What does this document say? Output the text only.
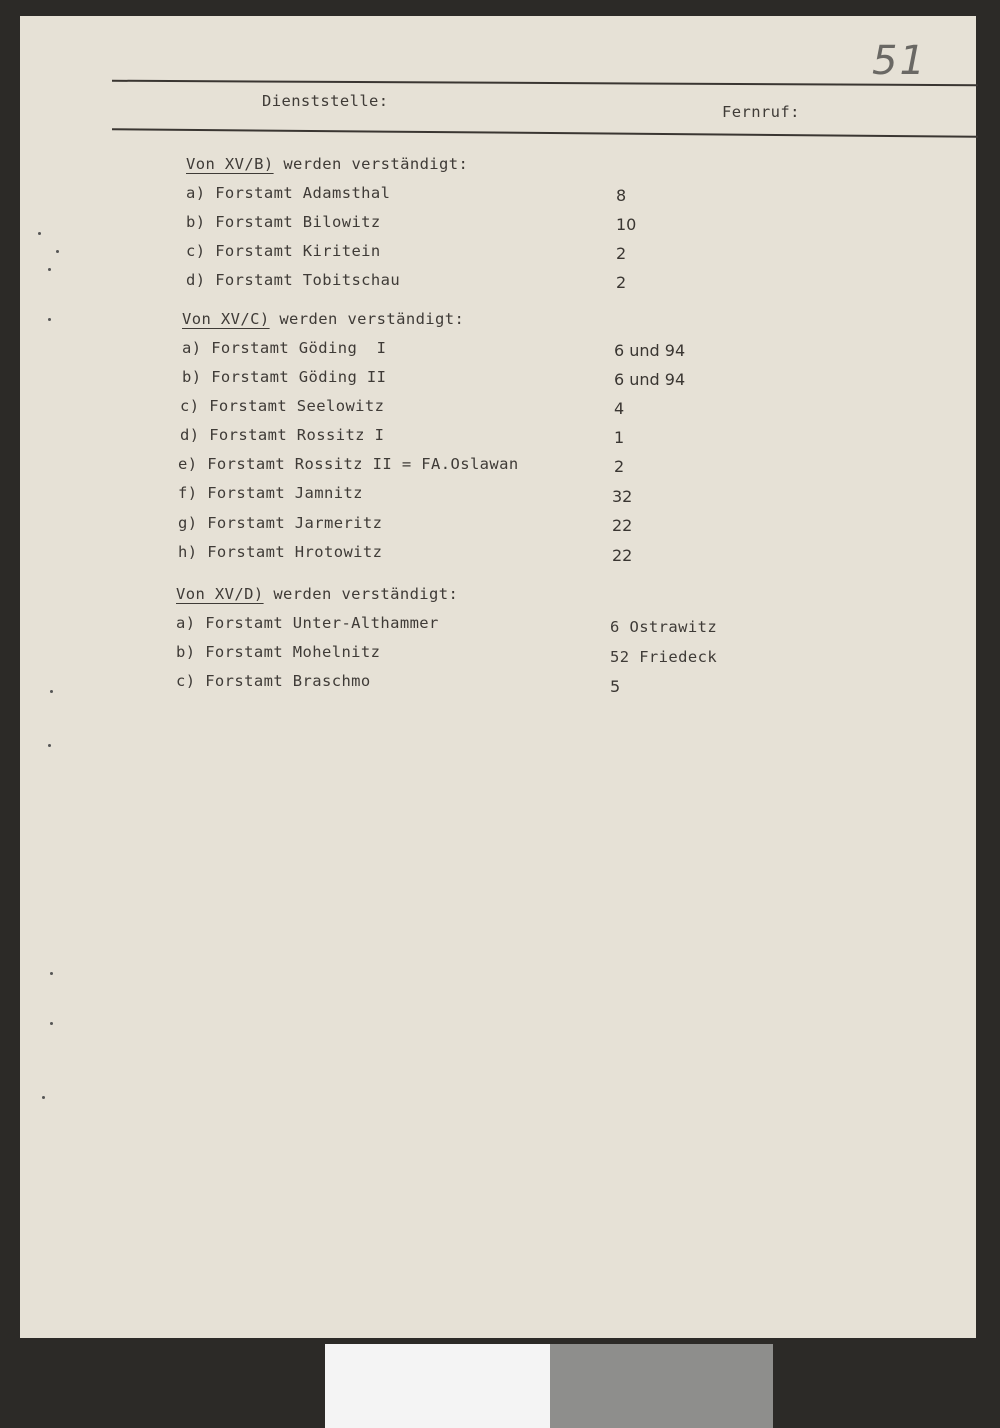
51
Dienststelle:
Fernruf:
Von XV/B) werden verständigt:
a) Forstamt Adamsthal	8
b) Forstamt Bilowitz	10
c) Forstamt Kiritein	2
d) Forstamt Tobitschau	2
Von XV/C) werden verständigt:
a) Forstamt Göding  I	6 und 94
b) Forstamt Göding II	6 und 94
c) Forstamt Seelowitz	4
d) Forstamt Rossitz I	1
e) Forstamt Rossitz II = FA.Oslawan	2
f) Forstamt Jamnitz	32
g) Forstamt Jarmeritz	22
h) Forstamt Hrotowitz	22
Von XV/D) werden verständigt:
a) Forstamt Unter-Althammer	6 Ostrawitz
b) Forstamt Mohelnitz	52 Friedeck
c) Forstamt Braschmo	5
